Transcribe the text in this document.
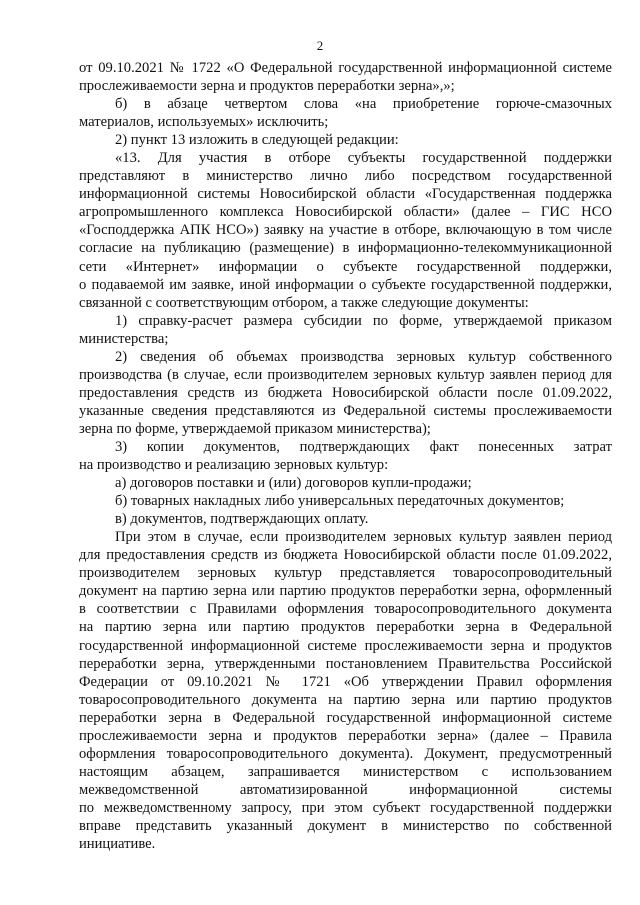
2
от 09.10.2021 № 1722 «О Федеральной государственной информационной системе
прослеживаемости зерна и продуктов переработки зерна»,»;
б) в абзаце четвертом слова «на приобретение горюче-смазочных
материалов, используемых» исключить;
2) пункт 13 изложить в следующей редакции:
«13. Для участия в отборе субъекты государственной поддержки
представляют в министерство лично либо посредством государственной
информационной системы Новосибирской области «Государственная поддержка
агропромышленного комплекса Новосибирской области» (далее – ГИС НСО
«Господдержка АПК НСО») заявку на участие в отборе, включающую в том числе
согласие на публикацию (размещение) в информационно-телекоммуникационной
сети «Интернет» информации о субъекте государственной поддержки,
о подаваемой им заявке, иной информации о субъекте государственной поддержки,
связанной с соответствующим отбором, а также следующие документы:
1) справку-расчет размера субсидии по форме, утверждаемой приказом
министерства;
2) сведения об объемах производства зерновых культур собственного
производства (в случае, если производителем зерновых культур заявлен период для
предоставления средств из бюджета Новосибирской области после 01.09.2022,
указанные сведения представляются из Федеральной системы прослеживаемости
зерна по форме, утверждаемой приказом министерства);
3) копии документов, подтверждающих факт понесенных затрат
на производство и реализацию зерновых культур:
а) договоров поставки и (или) договоров купли-продажи;
б) товарных накладных либо универсальных передаточных документов;
в) документов, подтверждающих оплату.
При этом в случае, если производителем зерновых культур заявлен период
для предоставления средств из бюджета Новосибирской области после 01.09.2022,
производителем зерновых культур представляется товаросопроводительный
документ на партию зерна или партию продуктов переработки зерна, оформленный
в соответствии с Правилами оформления товаросопроводительного документа
на партию зерна или партию продуктов переработки зерна в Федеральной
государственной информационной системе прослеживаемости зерна и продуктов
переработки зерна, утвержденными постановлением Правительства Российской
Федерации от 09.10.2021 № 1721 «Об утверждении Правил оформления
товаросопроводительного документа на партию зерна или партию продуктов
переработки зерна в Федеральной государственной информационной системе
прослеживаемости зерна и продуктов переработки зерна» (далее – Правила
оформления товаросопроводительного документа). Документ, предусмотренный
настоящим абзацем, запрашивается министерством с использованием
межведомственной автоматизированной информационной системы
по межведомственному запросу, при этом субъект государственной поддержки
вправе представить указанный документ в министерство по собственной
инициативе.
